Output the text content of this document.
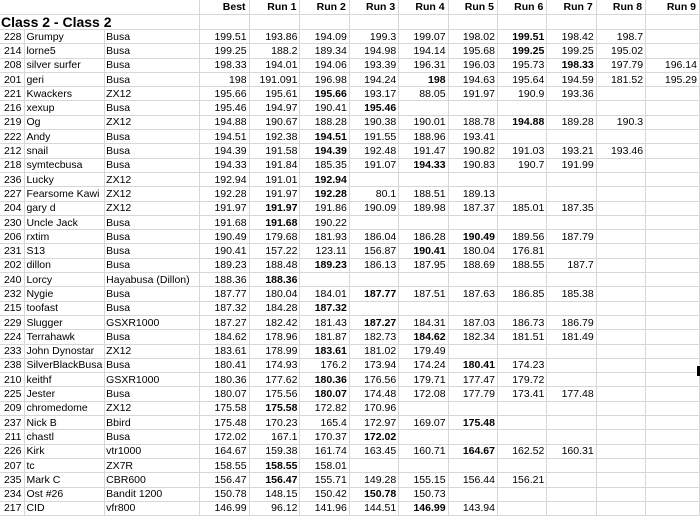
			Best	Run 1	Run 2	Run 3	Run 4	Run 5	Run 6	Run 7	Run 8	Run 9
Class 2 - Class 2												
228	Grumpy	Busa	199.51	193.86	194.09	199.3	199.07	198.02	199.51	198.42	198.7	
214	lorne5	Busa	199.25	188.2	189.34	194.98	194.14	195.68	199.25	199.25	195.02	
208	silver surfer	Busa	198.33	194.01	194.06	193.39	196.31	196.03	195.73	198.33	197.79	196.14
201	geri	Busa	198	191.091	196.98	194.24	198	194.63	195.64	194.59	181.52	195.29
221	Kwackers	ZX12	195.66	195.61	195.66	193.17	88.05	191.97	190.9	193.36		
216	xexup	Busa	195.46	194.97	190.41	195.46						
219	Og	ZX12	194.88	190.67	188.28	190.38	190.01	188.78	194.88	189.28	190.3	
222	Andy	Busa	194.51	192.38	194.51	191.55	188.96	193.41				
212	snail	Busa	194.39	191.58	194.39	192.48	191.47	190.82	191.03	193.21	193.46	
218	symtecbusa	Busa	194.33	191.84	185.35	191.07	194.33	190.83	190.7	191.99		
236	Lucky	ZX12	192.94	191.01	192.94							
227	Fearsome Kawi	ZX12	192.28	191.97	192.28	80.1	188.51	189.13				
204	gary d	ZX12	191.97	191.97	191.86	190.09	189.98	187.37	185.01	187.35		
230	Uncle Jack	Busa	191.68	191.68	190.22							
206	rxtim	Busa	190.49	179.68	181.93	186.04	186.28	190.49	189.56	187.79		
231	S13	Busa	190.41	157.22	123.11	156.87	190.41	180.04	176.81			
202	dillon	Busa	189.23	188.48	189.23	186.13	187.95	188.69	188.55	187.7		
240	Lorcy	Hayabusa (Dillon)	188.36	188.36								
232	Nygie	Busa	187.77	180.04	184.01	187.77	187.51	187.63	186.85	185.38		
215	toofast	Busa	187.32	184.28	187.32							
229	Slugger	GSXR1000	187.27	182.42	181.43	187.27	184.31	187.03	186.73	186.79		
224	Terrahawk	Busa	184.62	178.96	181.87	182.73	184.62	182.34	181.51	181.49		
233	John Dynostar	ZX12	183.61	178.99	183.61	181.02	179.49					
238	SilverBlackBusa	Busa	180.41	174.93	176.2	173.94	174.24	180.41	174.23			
210	keithf	GSXR1000	180.36	177.62	180.36	176.56	179.71	177.47	179.72			
225	Jester	Busa	180.07	175.56	180.07	174.48	172.08	177.79	173.41	177.48		
209	chromedome	ZX12	175.58	175.58	172.82	170.96						
237	Nick B	Bbird	175.48	170.23	165.4	172.97	169.07	175.48				
211	chastl	Busa	172.02	167.1	170.37	172.02						
226	Kirk	vtr1000	164.67	159.38	161.74	163.45	160.71	164.67	162.52	160.31		
207	tc	ZX7R	158.55	158.55	158.01							
235	Mark C	CBR600	156.47	156.47	155.71	149.28	155.15	156.44	156.21			
234	Ost #26	Bandit 1200	150.78	148.15	150.42	150.78	150.73					
217	CID	vfr800	146.99	96.12	141.96	144.51	146.99	143.94				
